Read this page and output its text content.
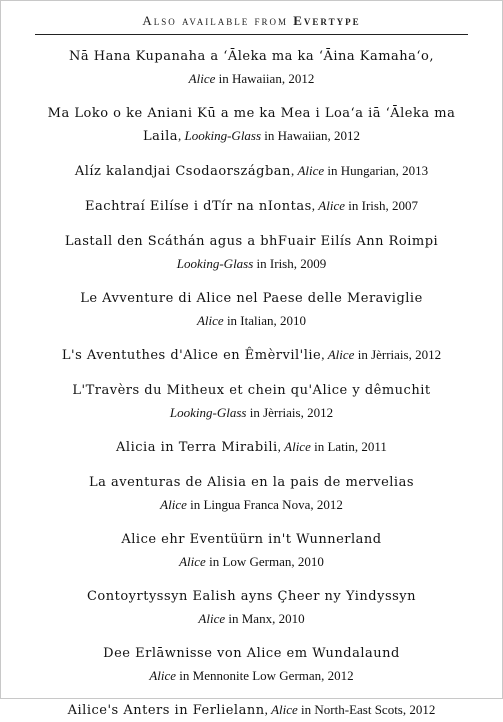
Also available from Evertype
Nā Hana Kupanaha a ʻĀleka ma ka ʻĀina Kamahaʻo,
Alice in Hawaiian, 2012
Ma Loko o ke Aniani Kū a me ka Mea i Loaʻa iā ʻĀleka ma
Laila, Looking-Glass in Hawaiian, 2012
Alíz kalandjai Csodaországban, Alice in Hungarian, 2013
Eachtraí Eilíse i dTír na nIontas, Alice in Irish, 2007
Lastall den Scáthán agus a bhFuair Eilís Ann Roimpi
Looking-Glass in Irish, 2009
Le Avventure di Alice nel Paese delle Meraviglie
Alice in Italian, 2010
L's Aventuthes d'Alice en Êmèrvil'lie, Alice in Jèrriais, 2012
L'Travèrs du Mitheux et chein qu'Alice y dêmuchit
Looking-Glass in Jèrriais, 2012
Alicia in Terra Mirabili, Alice in Latin, 2011
La aventuras de Alisia en la pais de mervelias
Alice in Lingua Franca Nova, 2012
Alice ehr Eventüürn in't Wunnerland
Alice in Low German, 2010
Contoyrtyssyn Ealish ayns Çheer ny Yindyssyn
Alice in Manx, 2010
Dee Erlāwnisse von Alice em Wundalaund
Alice in Mennonite Low German, 2012
Ailice's Anters in Ferlielann, Alice in North-East Scots, 2012
